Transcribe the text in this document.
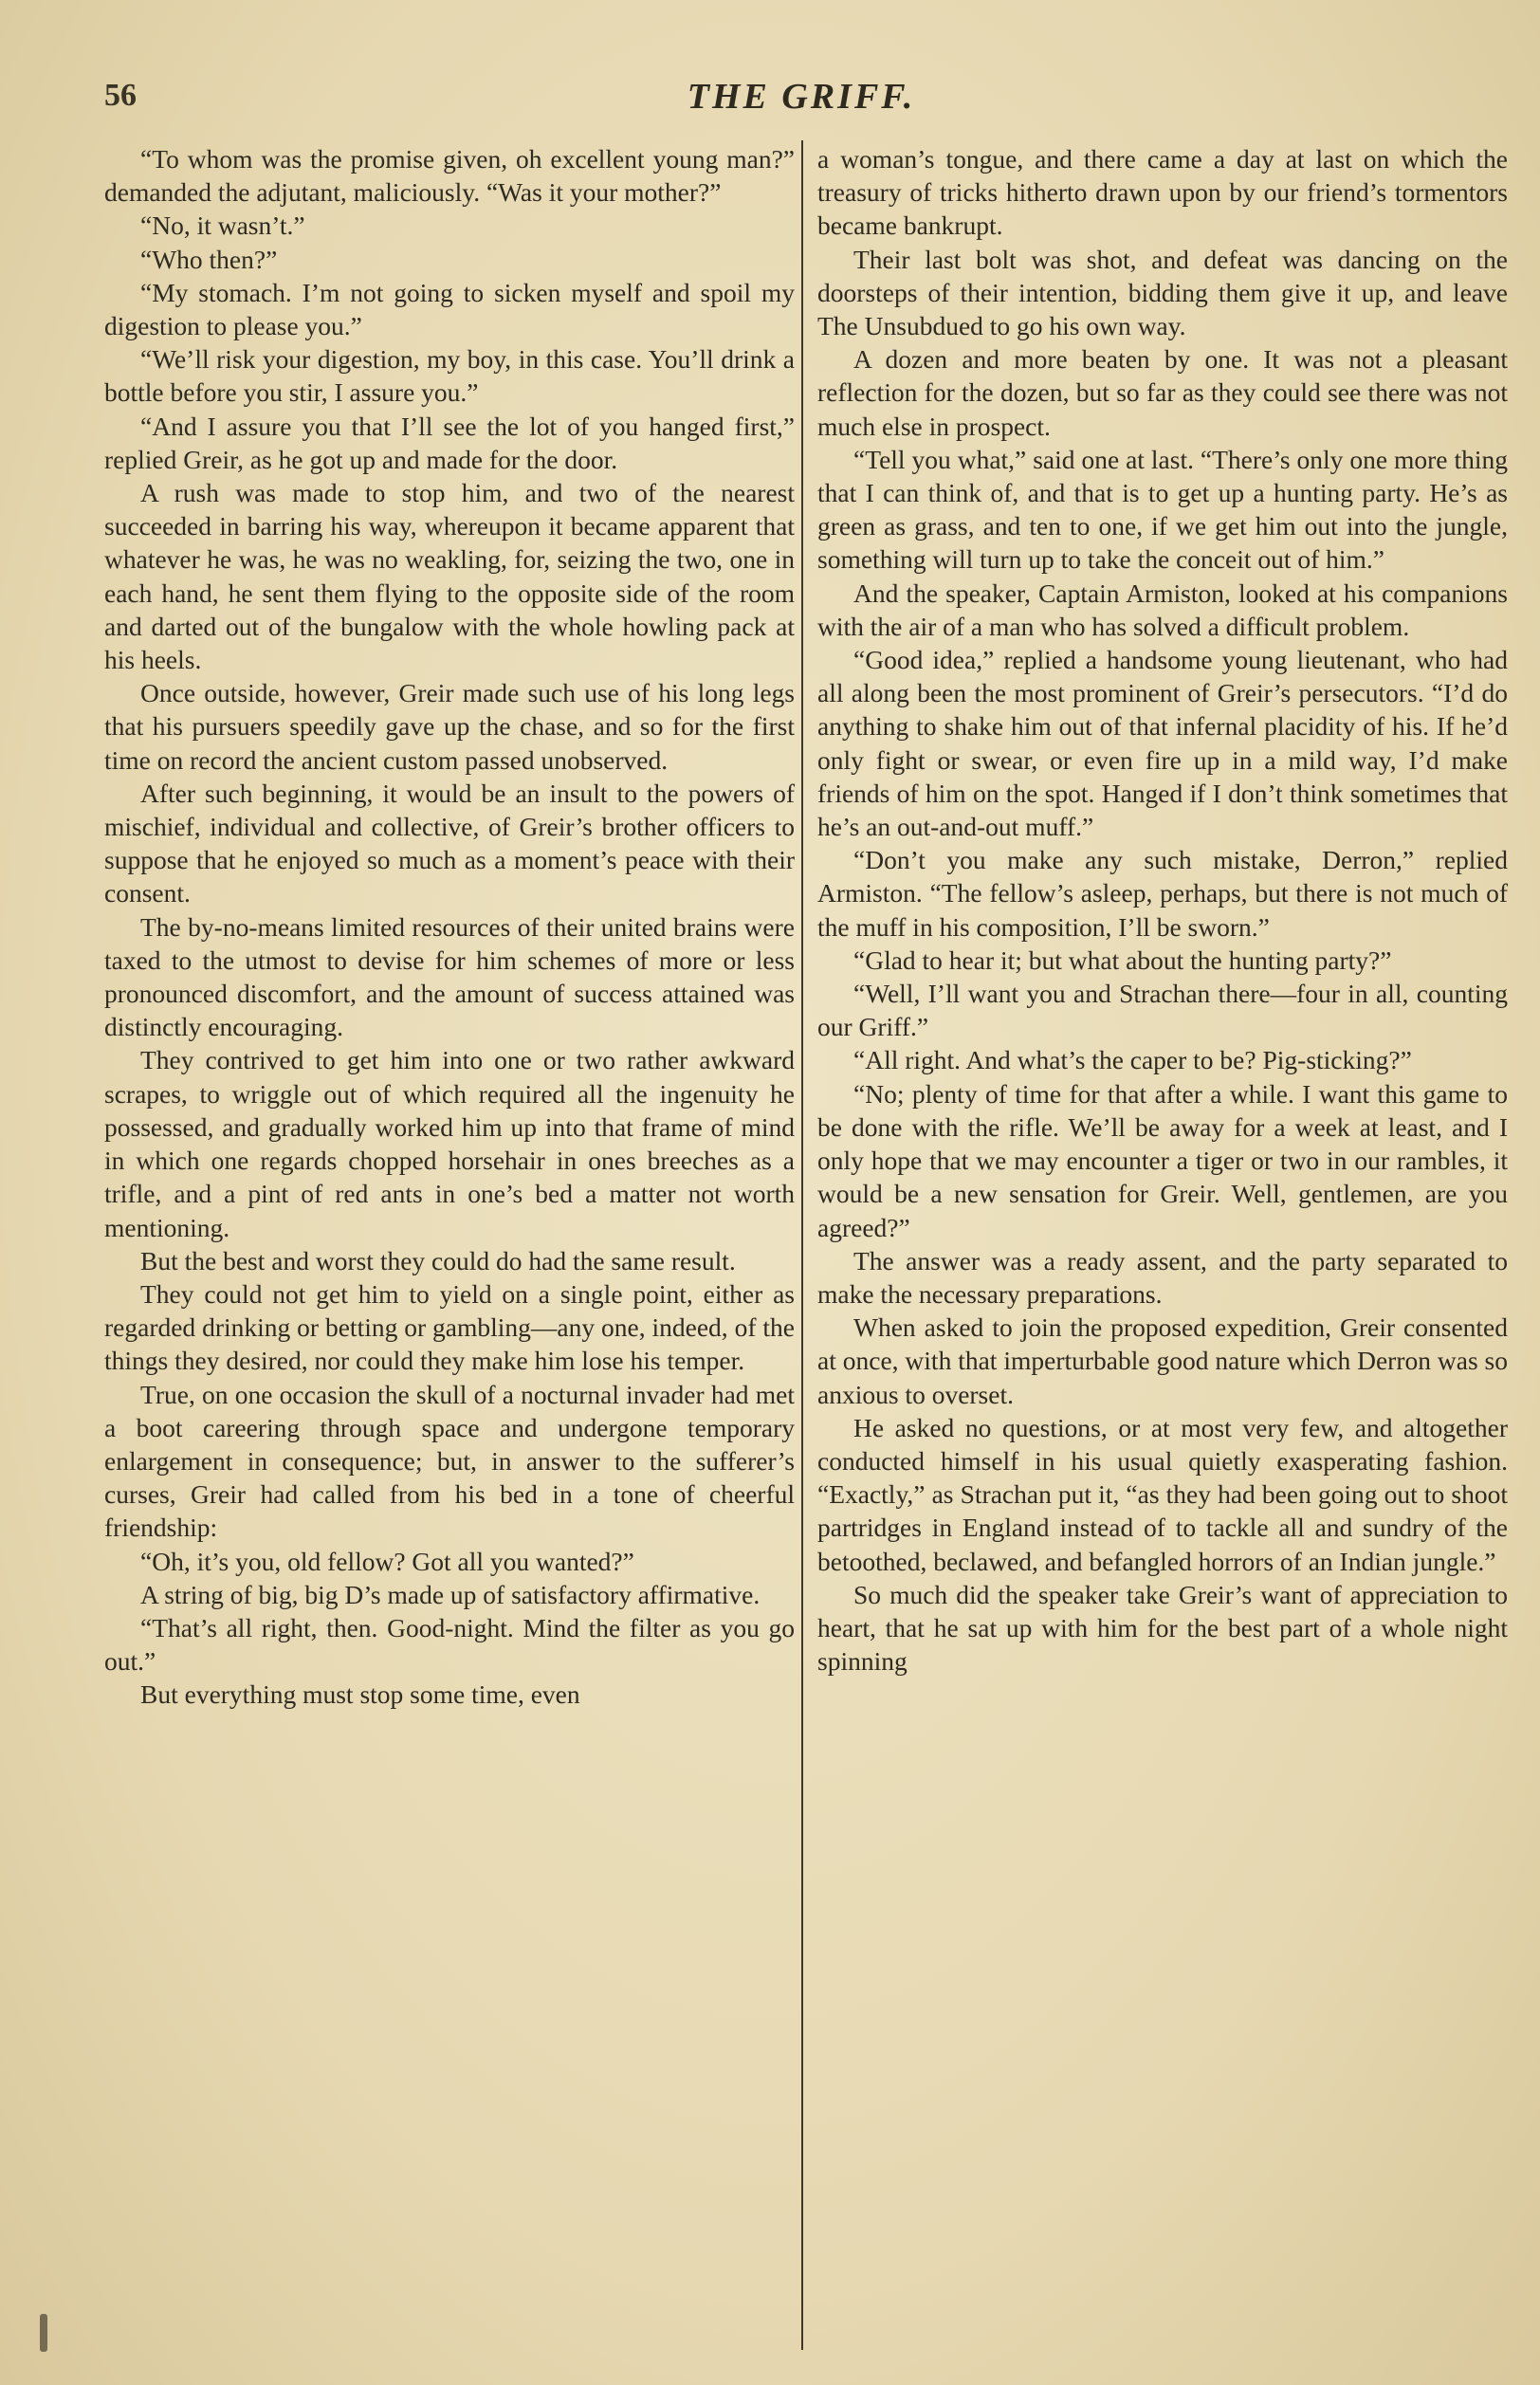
56	THE GRIFF.

“To whom was the promise given, oh excellent young man?” demanded the adjutant, maliciously. “Was it your mother?”

“No, it wasn’t.”

“Who then?”

“My stomach. I’m not going to sicken myself and spoil my digestion to please you.”

“We’ll risk your digestion, my boy, in this case. You’ll drink a bottle before you stir, I assure you.”

“And I assure you that I’ll see the lot of you hanged first,” replied Greir, as he got up and made for the door.

A rush was made to stop him, and two of the nearest succeeded in barring his way, whereupon it became apparent that whatever he was, he was no weakling, for, seizing the two, one in each hand, he sent them flying to the opposite side of the room and darted out of the bungalow with the whole howling pack at his heels.

Once outside, however, Greir made such use of his long legs that his pursuers speedily gave up the chase, and so for the first time on record the ancient custom passed unobserved.

After such beginning, it would be an insult to the powers of mischief, individual and collective, of Greir’s brother officers to suppose that he enjoyed so much as a moment’s peace with their consent.

The by-no-means limited resources of their united brains were taxed to the utmost to devise for him schemes of more or less pronounced discomfort, and the amount of success attained was distinctly encouraging.

They contrived to get him into one or two rather awkward scrapes, to wriggle out of which required all the ingenuity he possessed, and gradually worked him up into that frame of mind in which one regards chopped horsehair in ones breeches as a trifle, and a pint of red ants in one’s bed a matter not worth mentioning.

But the best and worst they could do had the same result.

They could not get him to yield on a single point, either as regarded drinking or betting or gambling—any one, indeed, of the things they desired, nor could they make him lose his temper.

True, on one occasion the skull of a nocturnal invader had met a boot careering through space and undergone temporary enlargement in consequence; but, in answer to the sufferer’s curses, Greir had called from his bed in a tone of cheerful friendship:

“Oh, it’s you, old fellow? Got all you wanted?”

A string of big, big D’s made up of satisfactory affirmative.

“That’s all right, then. Good-night. Mind the filter as you go out.”

But everything must stop some time, even

a woman’s tongue, and there came a day at last on which the treasury of tricks hitherto drawn upon by our friend’s tormentors became bankrupt.

Their last bolt was shot, and defeat was dancing on the doorsteps of their intention, bidding them give it up, and leave The Unsubdued to go his own way.

A dozen and more beaten by one. It was not a pleasant reflection for the dozen, but so far as they could see there was not much else in prospect.

“Tell you what,” said one at last. “There’s only one more thing that I can think of, and that is to get up a hunting party. He’s as green as grass, and ten to one, if we get him out into the jungle, something will turn up to take the conceit out of him.”

And the speaker, Captain Armiston, looked at his companions with the air of a man who has solved a difficult problem.

“Good idea,” replied a handsome young lieutenant, who had all along been the most prominent of Greir’s persecutors. “I’d do anything to shake him out of that infernal placidity of his. If he’d only fight or swear, or even fire up in a mild way, I’d make friends of him on the spot. Hanged if I don’t think sometimes that he’s an out-and-out muff.”

“Don’t you make any such mistake, Derron,” replied Armiston. “The fellow’s asleep, perhaps, but there is not much of the muff in his composition, I’ll be sworn.”

“Glad to hear it; but what about the hunting party?”

“Well, I’ll want you and Strachan there—four in all, counting our Griff.”

“All right. And what’s the caper to be? Pig-sticking?”

“No; plenty of time for that after a while. I want this game to be done with the rifle. We’ll be away for a week at least, and I only hope that we may encounter a tiger or two in our rambles, it would be a new sensation for Greir. Well, gentlemen, are you agreed?”

The answer was a ready assent, and the party separated to make the necessary preparations.

When asked to join the proposed expedition, Greir consented at once, with that imperturbable good nature which Derron was so anxious to overset.

He asked no questions, or at most very few, and altogether conducted himself in his usual quietly exasperating fashion. “Exactly,” as Strachan put it, “as they had been going out to shoot partridges in England instead of to tackle all and sundry of the betoothed, beclawed, and befangled horrors of an Indian jungle.”

So much did the speaker take Greir’s want of appreciation to heart, that he sat up with him for the best part of a whole night spinning
